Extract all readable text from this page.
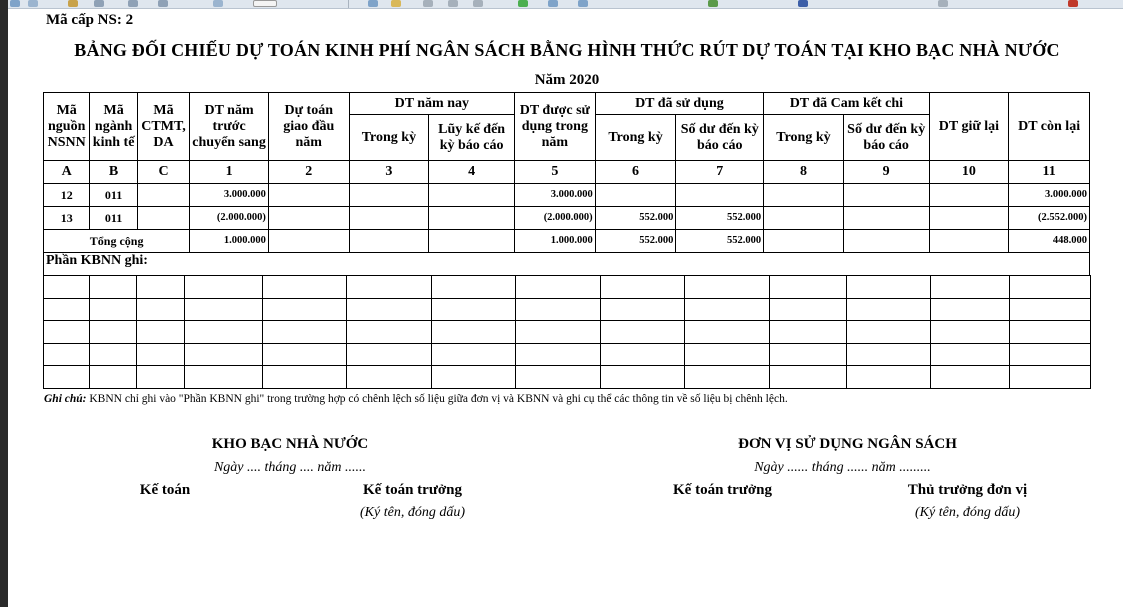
Mã cấp NS: 2
BẢNG ĐỐI CHIẾU DỰ TOÁN KINH PHÍ NGÂN SÁCH BẰNG HÌNH THỨC RÚT DỰ TOÁN TẠI KHO BẠC NHÀ NƯỚC
Năm 2020
Mã nguồn NSNN	Mã ngành kinh tế	Mã CTMT, DA	DT năm trước chuyển sang	Dự toán giao đầu năm	DT năm nay		DT được sử dụng trong năm	DT đã sử dụng		DT đã Cam kết chi		DT giữ lại	DT còn lại
					Trong kỳ	Lũy kế đến kỳ báo cáo		Trong kỳ	Số dư đến kỳ báo cáo	Trong kỳ	Số dư đến kỳ báo cáo		
A	B	C	1	2	3	4	5	6	7	8	9	10	11
12	011		3.000.000				3.000.000						3.000.000
13	011		(2.000.000)				(2.000.000)	552.000	552.000				(2.552.000)
Tổng cộng			1.000.000				1.000.000	552.000	552.000				448.000
Phần KBNN ghi:													

Ghi chú: KBNN chỉ ghi vào "Phần KBNN ghi" trong trường hợp có chênh lệch số liệu giữa đơn vị và KBNN và ghi cụ thể các thông tin về số liệu bị chênh lệch.
KHO BẠC NHÀ NƯỚC
Ngày .... tháng .... năm ......
Kế toán	Kế toán trưởng
(Ký tên, đóng dấu)
ĐƠN VỊ SỬ DỤNG NGÂN SÁCH
Ngày ...... tháng ...... năm .........
Kế toán trưởng	Thủ trưởng đơn vị
(Ký tên, đóng dấu)
